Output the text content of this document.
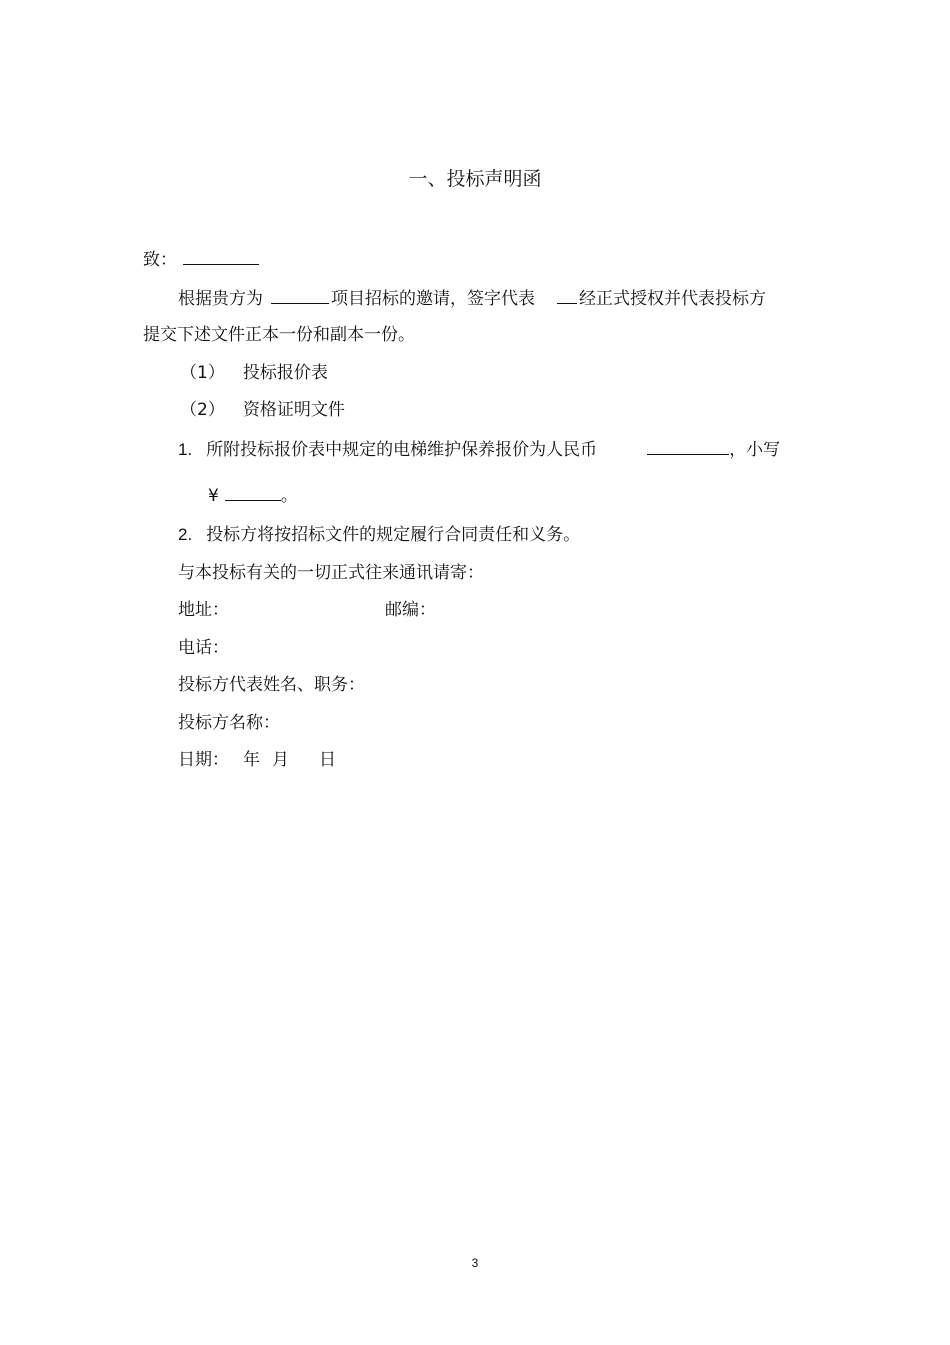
一、投标声明函
致：
根据贵方为	项目招标的邀请，签字代表	经正式授权并代表投标方
提交下述文件正本一份和副本一份。
（1） 投标报价表
（2） 资格证明文件
1. 所附投标报价表中规定的电梯维护保养报价为人民币	，小写
¥	。
2. 投标方将按招标文件的规定履行合同责任和义务。
与本投标有关的一切正式往来通讯请寄：
地址：	邮编：
电话：
投标方代表姓名、职务：
投标方名称：
日期： 年 月 日
3
